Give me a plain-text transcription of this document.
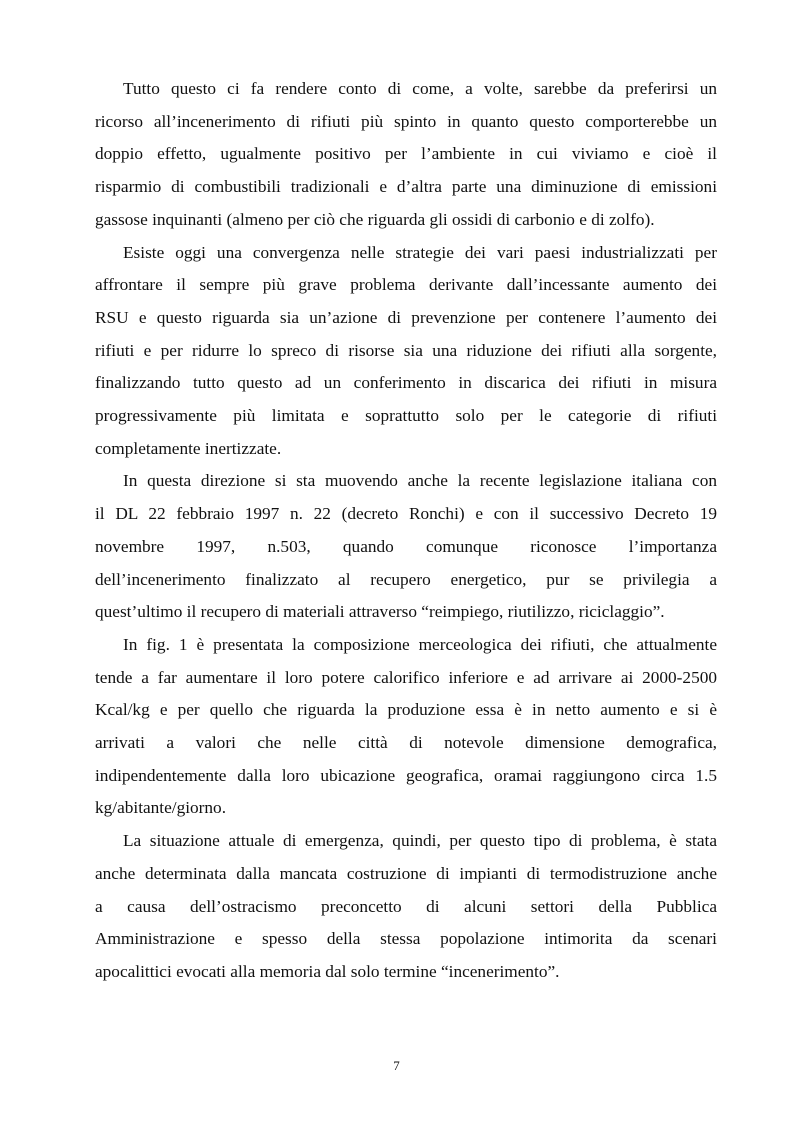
Tutto questo ci fa rendere conto di come, a volte, sarebbe da preferirsi un
ricorso all’incenerimento di rifiuti più spinto in quanto questo comporterebbe un
doppio effetto, ugualmente positivo per l’ambiente in cui viviamo e cioè il
risparmio di combustibili tradizionali e d’altra parte una diminuzione di emissioni
gassose inquinanti (almeno per ciò che riguarda gli ossidi di carbonio e di zolfo).
Esiste oggi una convergenza nelle strategie dei vari paesi industrializzati per
affrontare il sempre più grave problema derivante dall’incessante aumento dei
RSU e questo riguarda sia un’azione di prevenzione per contenere l’aumento dei
rifiuti e per ridurre lo spreco di risorse sia una riduzione dei rifiuti alla sorgente,
finalizzando tutto questo ad un conferimento in discarica dei rifiuti in misura
progressivamente più limitata e soprattutto solo per le categorie di rifiuti
completamente inertizzate.
In questa direzione si sta muovendo anche la recente legislazione italiana con
il DL 22 febbraio 1997 n. 22 (decreto Ronchi) e con il successivo Decreto 19
novembre 1997, n.503, quando comunque riconosce l’importanza
dell’incenerimento finalizzato al recupero energetico, pur se privilegia a
quest’ultimo il recupero di materiali attraverso “reimpiego, riutilizzo, riciclaggio”.
In fig. 1 è presentata la composizione merceologica dei rifiuti, che attualmente
tende a far aumentare il loro potere calorifico inferiore e ad arrivare ai 2000-2500
Kcal/kg e per quello che riguarda la produzione essa è in netto aumento e si è
arrivati a valori che nelle città di notevole dimensione demografica,
indipendentemente dalla loro ubicazione geografica, oramai raggiungono circa 1.5
kg/abitante/giorno.
La situazione attuale di emergenza, quindi, per questo tipo di problema, è stata
anche determinata dalla mancata costruzione di impianti di termodistruzione anche
a causa dell’ostracismo preconcetto di alcuni settori della Pubblica
Amministrazione e spesso della stessa popolazione intimorita da scenari
apocalittici evocati alla memoria dal solo termine “incenerimento”.
7
